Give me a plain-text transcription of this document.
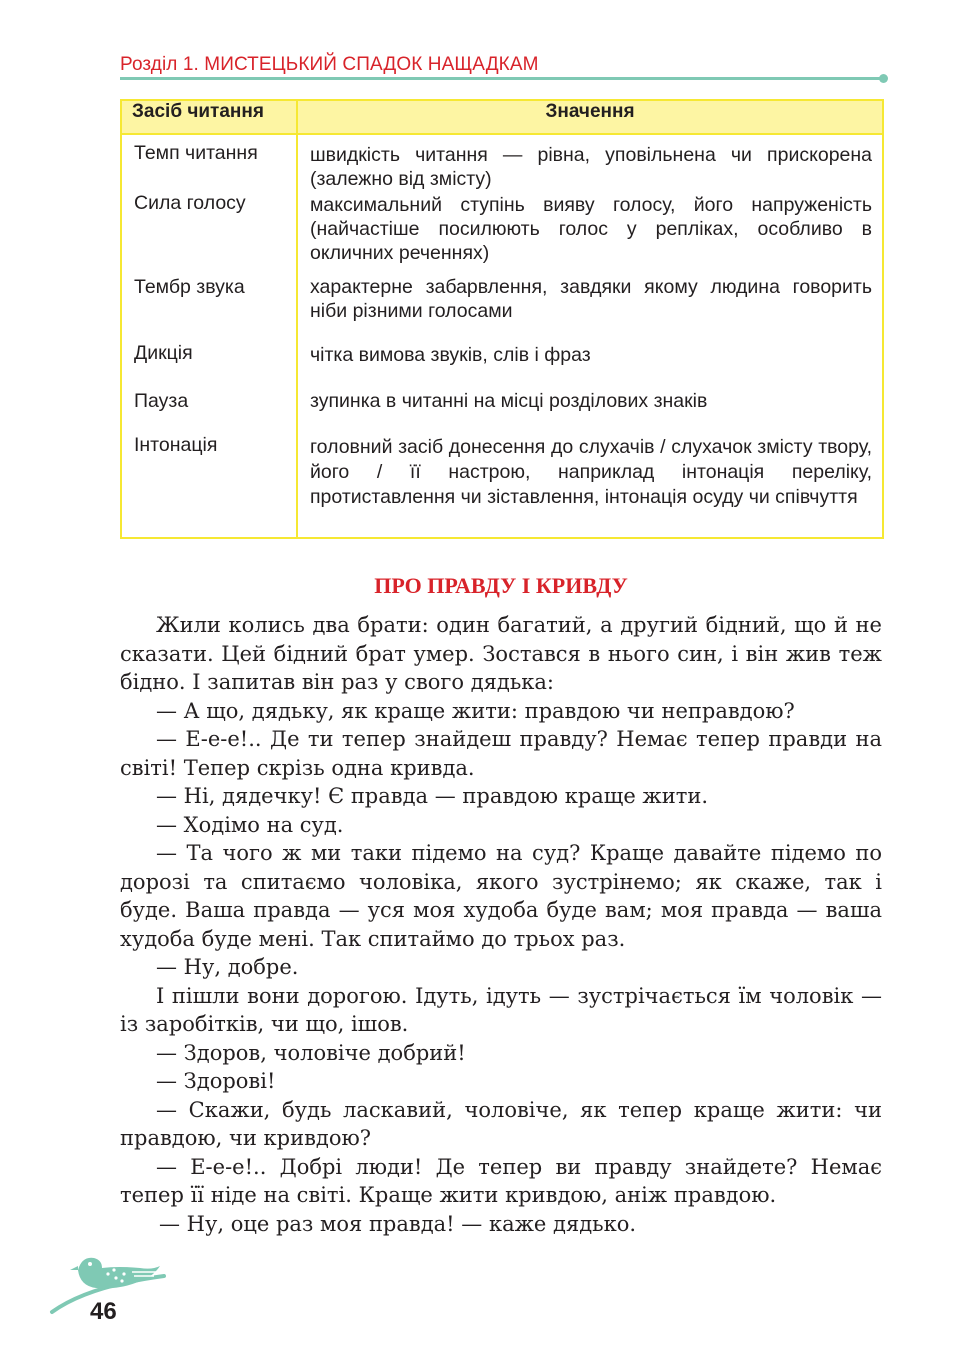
Розділ 1. МИСТЕЦЬКИЙ СПАДОК НАЩАДКАМ
Засіб читання	Значення
Темп читання	швидкість читання — рівна, уповільнена чи прискорена (залежно від змісту)
Сила голосу	максимальний ступінь вияву голосу, його напруженість (найчастіше посилюють голос у репліках, особливо в окличних реченнях)
Тембр звука	характерне забарвлення, завдяки якому людина говорить ніби різними голосами
Дикція	чітка вимова звуків, слів і фраз
Пауза	зупинка в читанні на місці розділових знаків
Інтонація	головний засіб донесення до слухачів / слухачок змісту твору, його / її настрою, наприклад інтонація переліку, протиставлення чи зіставлення, інтонація осуду чи співчуття
ПРО ПРАВДУ І КРИВДУ

Жили колись два брати: один багатий, а другий бідний, що й не сказати. Цей бідний брат умер. Зостався в нього син, і він жив теж бідно. І запитав він раз у свого дядька:

— А що, дядьку, як краще жити: правдою чи неправдою?

— Е-е-е!.. Де ти тепер знайдеш правду? Немає тепер правди на світі! Тепер скрізь одна кривда.

— Ні, дядечку! Є правда — правдою краще жити.

— Ходімо на суд.

— Та чого ж ми таки підемо на суд? Краще давайте підемо по дорозі та спитаємо чоловіка, якого зустрінемо; як скаже, так і буде. Ваша правда — уся моя худоба буде вам; моя правда — ваша худоба буде мені. Так спитаймо до трьох раз.

— Ну, добре.

І пішли вони дорогою. Ідуть, ідуть — зустрічається їм чоловік — із заробітків, чи що, ішов.

— Здоров, чоловіче добрий!

— Здорові!

— Скажи, будь ласкавий, чоловіче, як тепер краще жити: чи правдою, чи кривдою?

— Е-е-е!.. Добрі люди! Де тепер ви правду знайдете? Немає тепер її ніде на світі. Краще жити кривдою, аніж правдою.

— Ну, оце раз моя правда! — каже дядько.

46
